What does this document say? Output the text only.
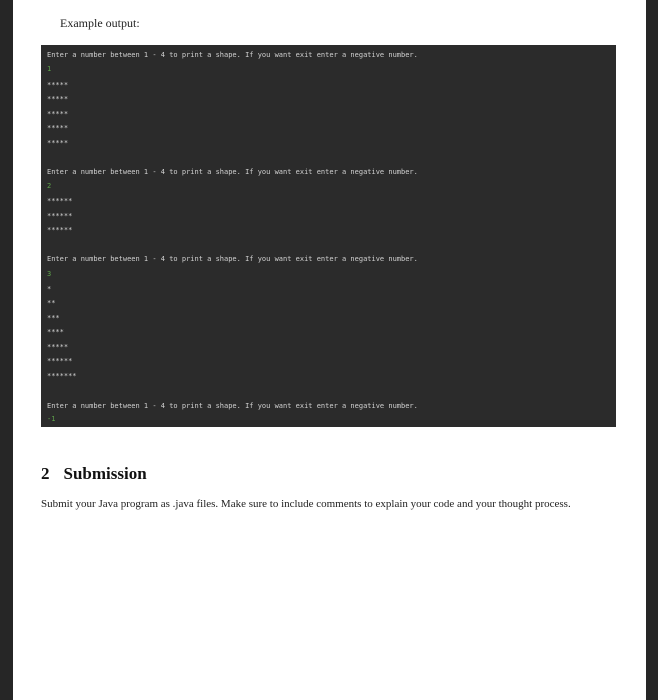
Example output:
Enter a number between 1 - 4 to print a shape. If you want exit enter a negative number.
1
*****
*****
*****
*****
*****
Enter a number between 1 - 4 to print a shape. If you want exit enter a negative number.
2
******
******
******
Enter a number between 1 - 4 to print a shape. If you want exit enter a negative number.
3
*
**
***
****
*****
******
*******
Enter a number between 1 - 4 to print a shape. If you want exit enter a negative number.
-1
2 Submission
Submit your Java program as .java files. Make sure to include comments to explain your code and your thought process.
